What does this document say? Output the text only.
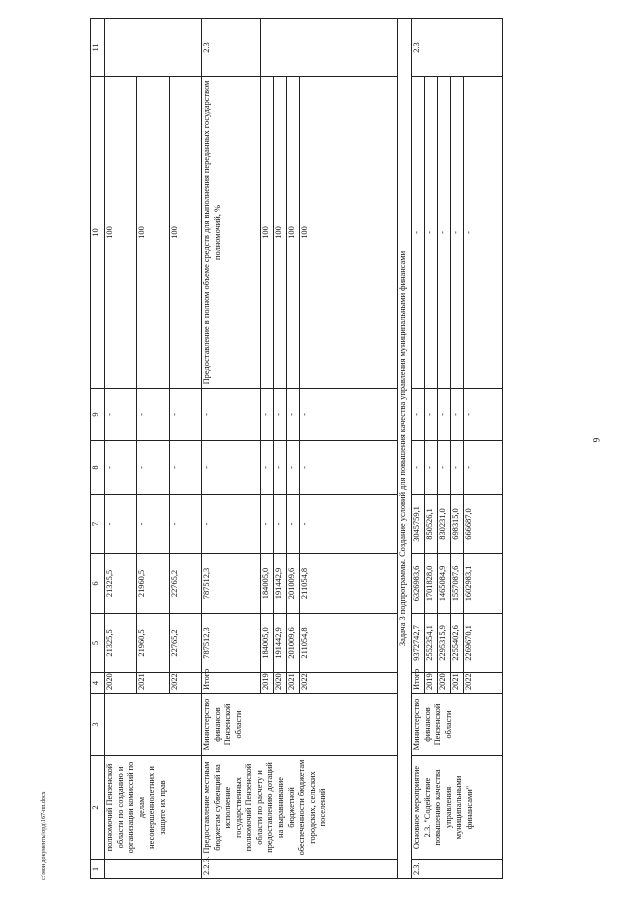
6
c:\мои документы\орд\167-пп.docx	1	2	3	4	5	6	7	8	9	10	11
	полномочий Пензенской области по созданию и организации комиссий по делам несовершеннолетних и защите их прав		2020	21325,5	21325,5	-	-	-	100	
			2021	21960,5	21960,5	-	-	-	100	
			2022	22765,2	22765,2	-	-	-	100	
2.2.3.	Предоставление местным бюджетам субвенций на исполнение государственных полномочий Пензенской области по расчету и предоставлению дотаций на выравнивание бюджетной обеспеченности бюджетам городских, сельских поселений	Министерство финансов Пензенской области	Итого	787512,3	787512,3	-	-	-	Предоставление в полном объеме средств для выполнения переданных государством полномочий, %	2.3
			2019	184005,0	184005,0	-	-	-	100	
			2020	191442,9	191442,9	-	-	-	100	
			2021	201009,6	201009,6	-	-	-	100	
			2022	211054,8	211054,8	-	-	-	100	
Задача 3 подпрограммы. Создание условий для повышения качества управления муниципальными финансами										
2.3.	Основное мероприятие 2.3. "Содействие повышению качества управления муниципальными финансами"	Министерство финансов Пензенской области	Итого	9372742,7	6326983,6	3045759,1	-	-	-	2.3
			2019	2552354,1	1701828,0	850526,1	-	-	-	
			2020	2295315,9	1465084,9	830231,0	-	-	-	
			2021	2255402,6	1557087,6	698315,0	-	-	-	
			2022	2269670,1	1602983,1	666687,0	-	-	-	
